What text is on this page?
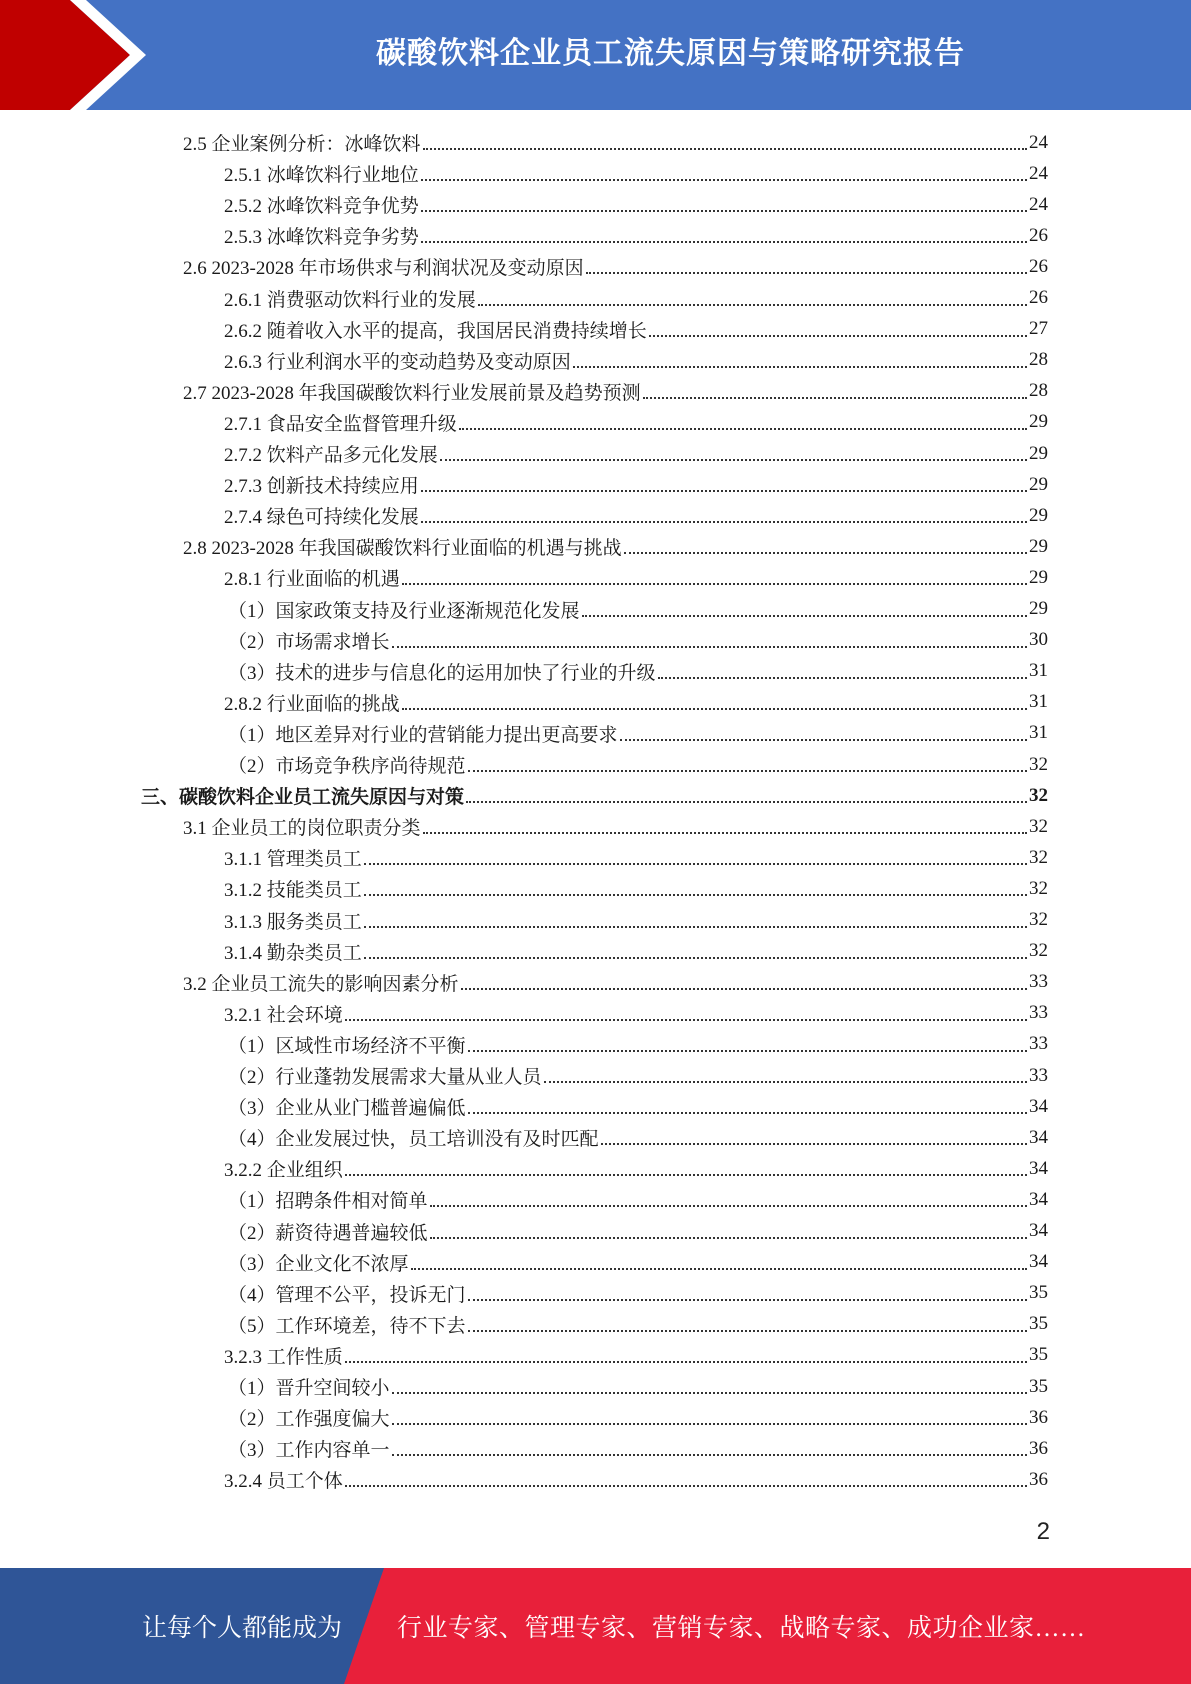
碳酸饮料企业员工流失原因与策略研究报告
2.5 企业案例分析：冰峰饮料	24
2.5.1 冰峰饮料行业地位	24
2.5.2 冰峰饮料竞争优势	24
2.5.3 冰峰饮料竞争劣势	26
2.6 2023-2028 年市场供求与利润状况及变动原因	26
2.6.1 消费驱动饮料行业的发展	26
2.6.2 随着收入水平的提高，我国居民消费持续增长	27
2.6.3 行业利润水平的变动趋势及变动原因	28
2.7 2023-2028 年我国碳酸饮料行业发展前景及趋势预测	28
2.7.1 食品安全监督管理升级	29
2.7.2 饮料产品多元化发展	29
2.7.3 创新技术持续应用	29
2.7.4 绿色可持续化发展	29
2.8 2023-2028 年我国碳酸饮料行业面临的机遇与挑战	29
2.8.1 行业面临的机遇	29
（1）国家政策支持及行业逐渐规范化发展	29
（2）市场需求增长	30
（3）技术的进步与信息化的运用加快了行业的升级	31
2.8.2 行业面临的挑战	31
（1）地区差异对行业的营销能力提出更高要求	31
（2）市场竞争秩序尚待规范	32
三、碳酸饮料企业员工流失原因与对策	32
3.1 企业员工的岗位职责分类	32
3.1.1 管理类员工	32
3.1.2 技能类员工	32
3.1.3 服务类员工	32
3.1.4 勤杂类员工	32
3.2 企业员工流失的影响因素分析	33
3.2.1 社会环境	33
（1）区域性市场经济不平衡	33
（2）行业蓬勃发展需求大量从业人员	33
（3）企业从业门槛普遍偏低	34
（4）企业发展过快，员工培训没有及时匹配	34
3.2.2 企业组织	34
（1）招聘条件相对简单	34
（2）薪资待遇普遍较低	34
（3）企业文化不浓厚	34
（4）管理不公平，投诉无门	35
（5）工作环境差，待不下去	35
3.2.3 工作性质	35
（1）晋升空间较小	35
（2）工作强度偏大	36
（3）工作内容单一	36
3.2.4 员工个体	36
2
让每个人都能成为 行业专家、管理专家、营销专家、战略专家、成功企业家……
